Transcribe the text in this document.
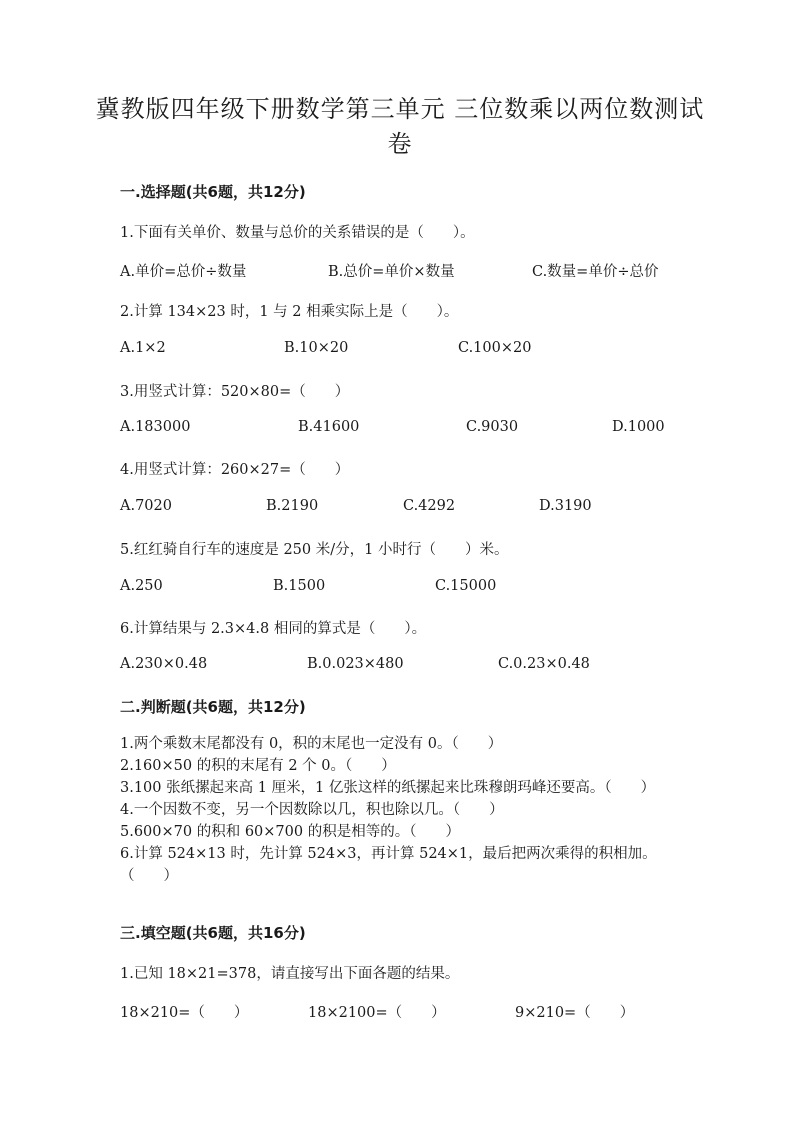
冀教版四年级下册数学第三单元 三位数乘以两位数测试卷
一.选择题(共6题，共12分)
1.下面有关单价、数量与总价的关系错误的是（　　）。
A.单价=总价÷数量	B.总价=单价×数量	C.数量=单价÷总价
2.计算 134×23 时，1 与 2 相乘实际上是（　　）。
A.1×2	B.10×20	C.100×20
3.用竖式计算：520×80=（　　）
A.183000	B.41600	C.9030	D.1000
4.用竖式计算：260×27=（　　）
A.7020	B.2190	C.4292	D.3190
5.红红骑自行车的速度是 250 米/分，1 小时行（　　）米。
A.250	B.1500	C.15000
6.计算结果与 2.3×4.8 相同的算式是（　　）。
A.230×0.48	B.0.023×480	C.0.23×0.48
二.判断题(共6题，共12分)
1.两个乘数末尾都没有 0，积的末尾也一定没有 0。（　　）
2.160×50 的积的末尾有 2 个 0。（　　）
3.100 张纸摞起来高 1 厘米，1 亿张这样的纸摞起来比珠穆朗玛峰还要高。（　　）
4.一个因数不变，另一个因数除以几，积也除以几。（　　）
5.600×70 的积和 60×700 的积是相等的。（　　）
6.计算 524×13 时，先计算 524×3，再计算 524×1，最后把两次乘得的积相加。（　　）
三.填空题(共6题，共16分)
1.已知 18×21=378，请直接写出下面各题的结果。
18×210=（　　）	18×2100=（　　）	9×210=（　　）
